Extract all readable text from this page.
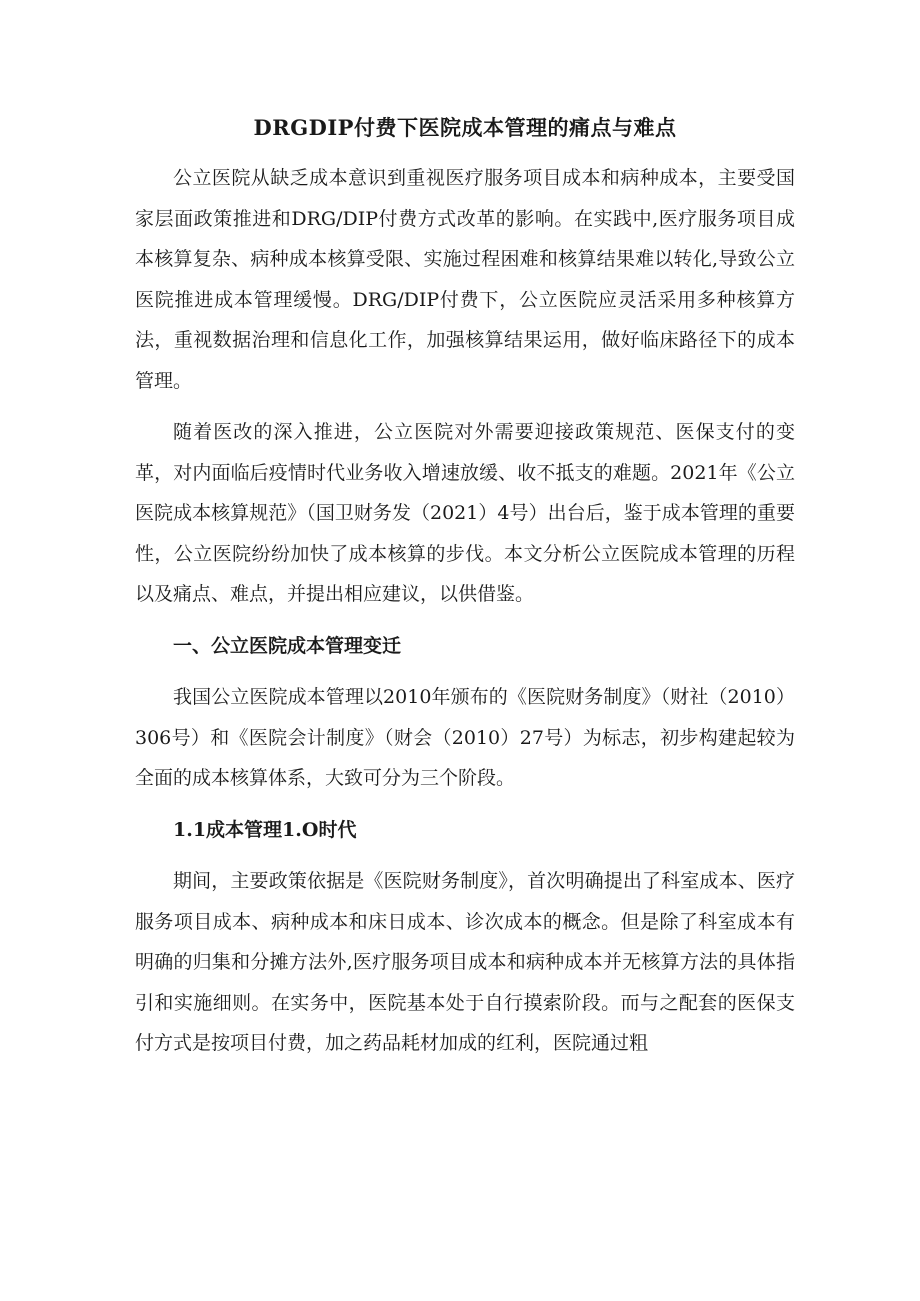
DRGDIP付费下医院成本管理的痛点与难点

公立医院从缺乏成本意识到重视医疗服务项目成本和病种成本，主要受国家层面政策推进和DRG/DIP付费方式改革的影响。在实践中,医疗服务项目成本核算复杂、病种成本核算受限、实施过程困难和核算结果难以转化,导致公立医院推进成本管理缓慢。DRG/DIP付费下，公立医院应灵活采用多种核算方法，重视数据治理和信息化工作，加强核算结果运用，做好临床路径下的成本管理。

随着医改的深入推进，公立医院对外需要迎接政策规范、医保支付的变革，对内面临后疫情时代业务收入增速放缓、收不抵支的难题。2021年《公立医院成本核算规范》（国卫财务发（2021）4号）出台后，鉴于成本管理的重要性，公立医院纷纷加快了成本核算的步伐。本文分析公立医院成本管理的历程以及痛点、难点，并提出相应建议，以供借鉴。

一、公立医院成本管理变迁

我国公立医院成本管理以2010年颁布的《医院财务制度》（财社（2010）306号）和《医院会计制度》（财会（2010）27号）为标志，初步构建起较为全面的成本核算体系，大致可分为三个阶段。

1.1成本管理1.O时代

期间，主要政策依据是《医院财务制度》，首次明确提出了科室成本、医疗服务项目成本、病种成本和床日成本、诊次成本的概念。但是除了科室成本有明确的归集和分摊方法外,医疗服务项目成本和病种成本并无核算方法的具体指引和实施细则。在实务中，医院基本处于自行摸索阶段。而与之配套的医保支付方式是按项目付费，加之药品耗材加成的红利，医院通过粗
